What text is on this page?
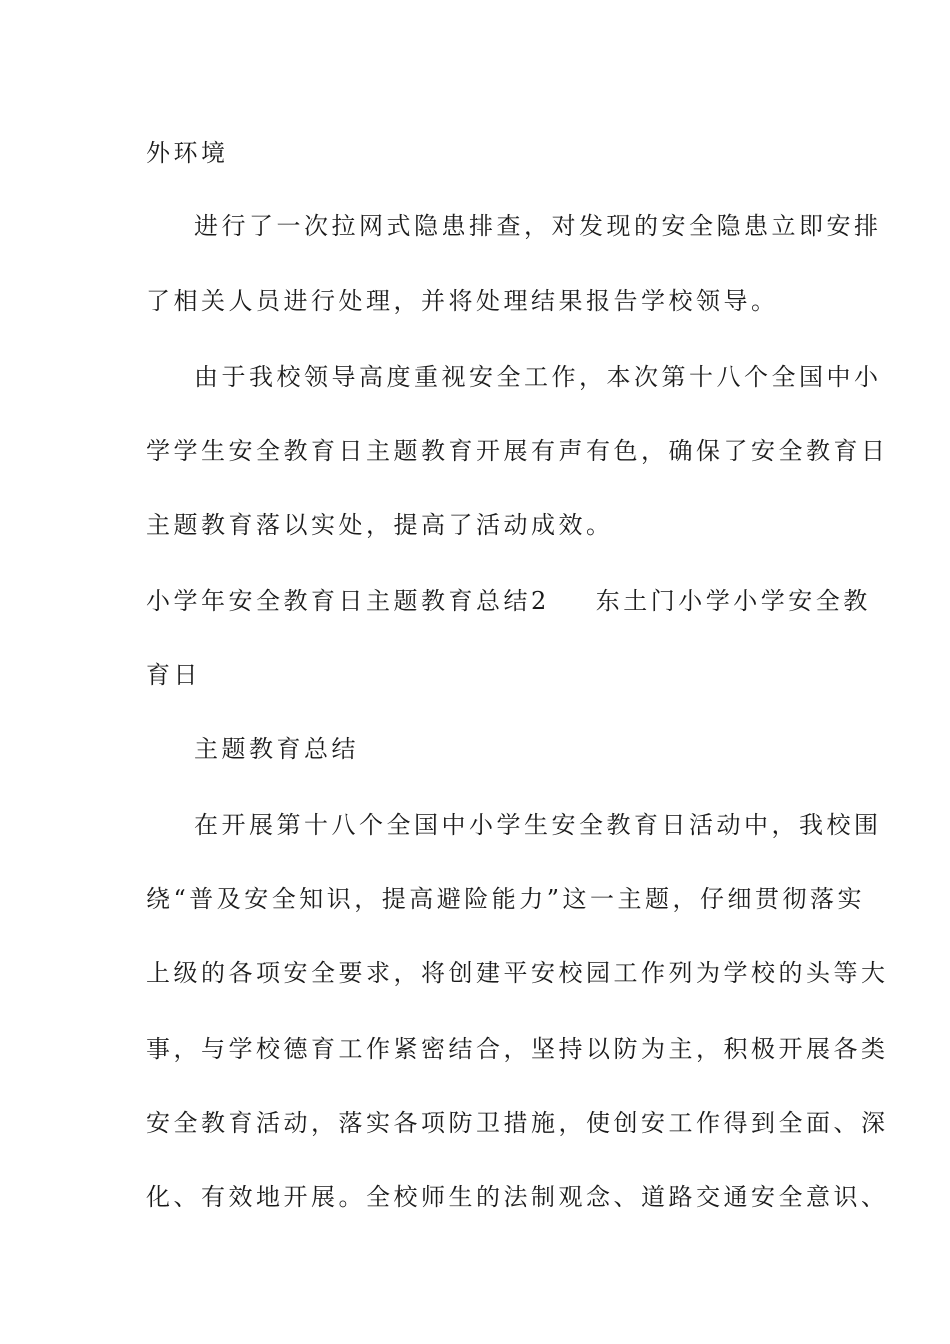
外环境
进行了一次拉网式隐患排查，对发现的安全隐患立即安排
了相关人员进行处理，并将处理结果报告学校领导。
由于我校领导高度重视安全工作，本次第十八个全国中小
学学生安全教育日主题教育开展有声有色，确保了安全教育日
主题教育落以实处，提高了活动成效。
小学年安全教育日主题教育总结2 东土门小学小学安全教
育日
主题教育总结
在开展第十八个全国中小学生安全教育日活动中，我校围
绕“普及安全知识，提高避险能力”这一主题，仔细贯彻落实
上级的各项安全要求，将创建平安校园工作列为学校的头等大
事，与学校德育工作紧密结合，坚持以防为主，积极开展各类
安全教育活动，落实各项防卫措施，使创安工作得到全面、深
化、有效地开展。全校师生的法制观念、道路交通安全意识、
